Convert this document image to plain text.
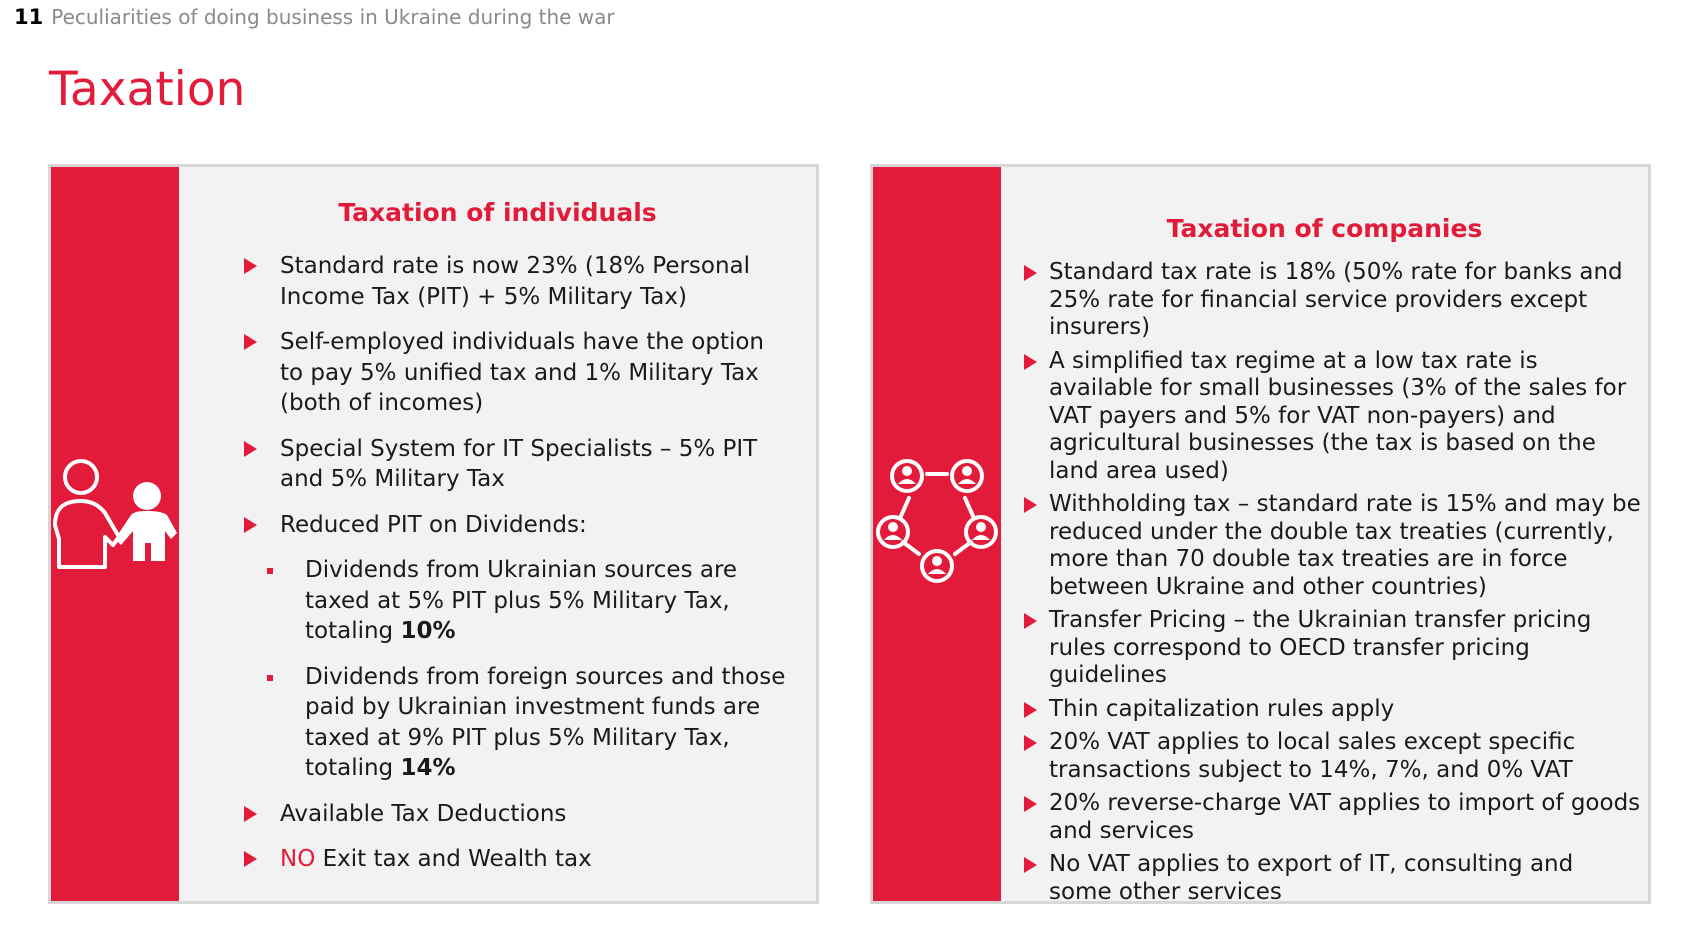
11 Peculiarities of doing business in Ukraine during the war
Taxation
Taxation of individuals
Standard rate is now 23% (18% Personal Income Tax (PIT) + 5% Military Tax)
Self-employed individuals have the option to pay 5% unified tax and 1% Military Tax (both of incomes)
Special System for IT Specialists – 5% PIT and 5% Military Tax
Reduced PIT on Dividends:
Dividends from Ukrainian sources are taxed at 5% PIT plus 5% Military Tax, totaling 10%
Dividends from foreign sources and those paid by Ukrainian investment funds are taxed at 9% PIT plus 5% Military Tax, totaling 14%
Available Tax Deductions
NO Exit tax and Wealth tax
Taxation of companies
Standard tax rate is 18% (50% rate for banks and 25% rate for financial service providers except insurers)
A simplified tax regime at a low tax rate is available for small businesses (3% of the sales for VAT payers and 5% for VAT non-payers) and agricultural businesses (the tax is based on the land area used)
Withholding tax – standard rate is 15% and may be reduced under the double tax treaties (currently, more than 70 double tax treaties are in force between Ukraine and other countries)
Transfer Pricing – the Ukrainian transfer pricing rules correspond to OECD transfer pricing guidelines
Thin capitalization rules apply
20% VAT applies to local sales except specific transactions subject to 14%, 7%, and 0% VAT
20% reverse-charge VAT applies to import of goods and services
No VAT applies to export of IT, consulting and some other services
